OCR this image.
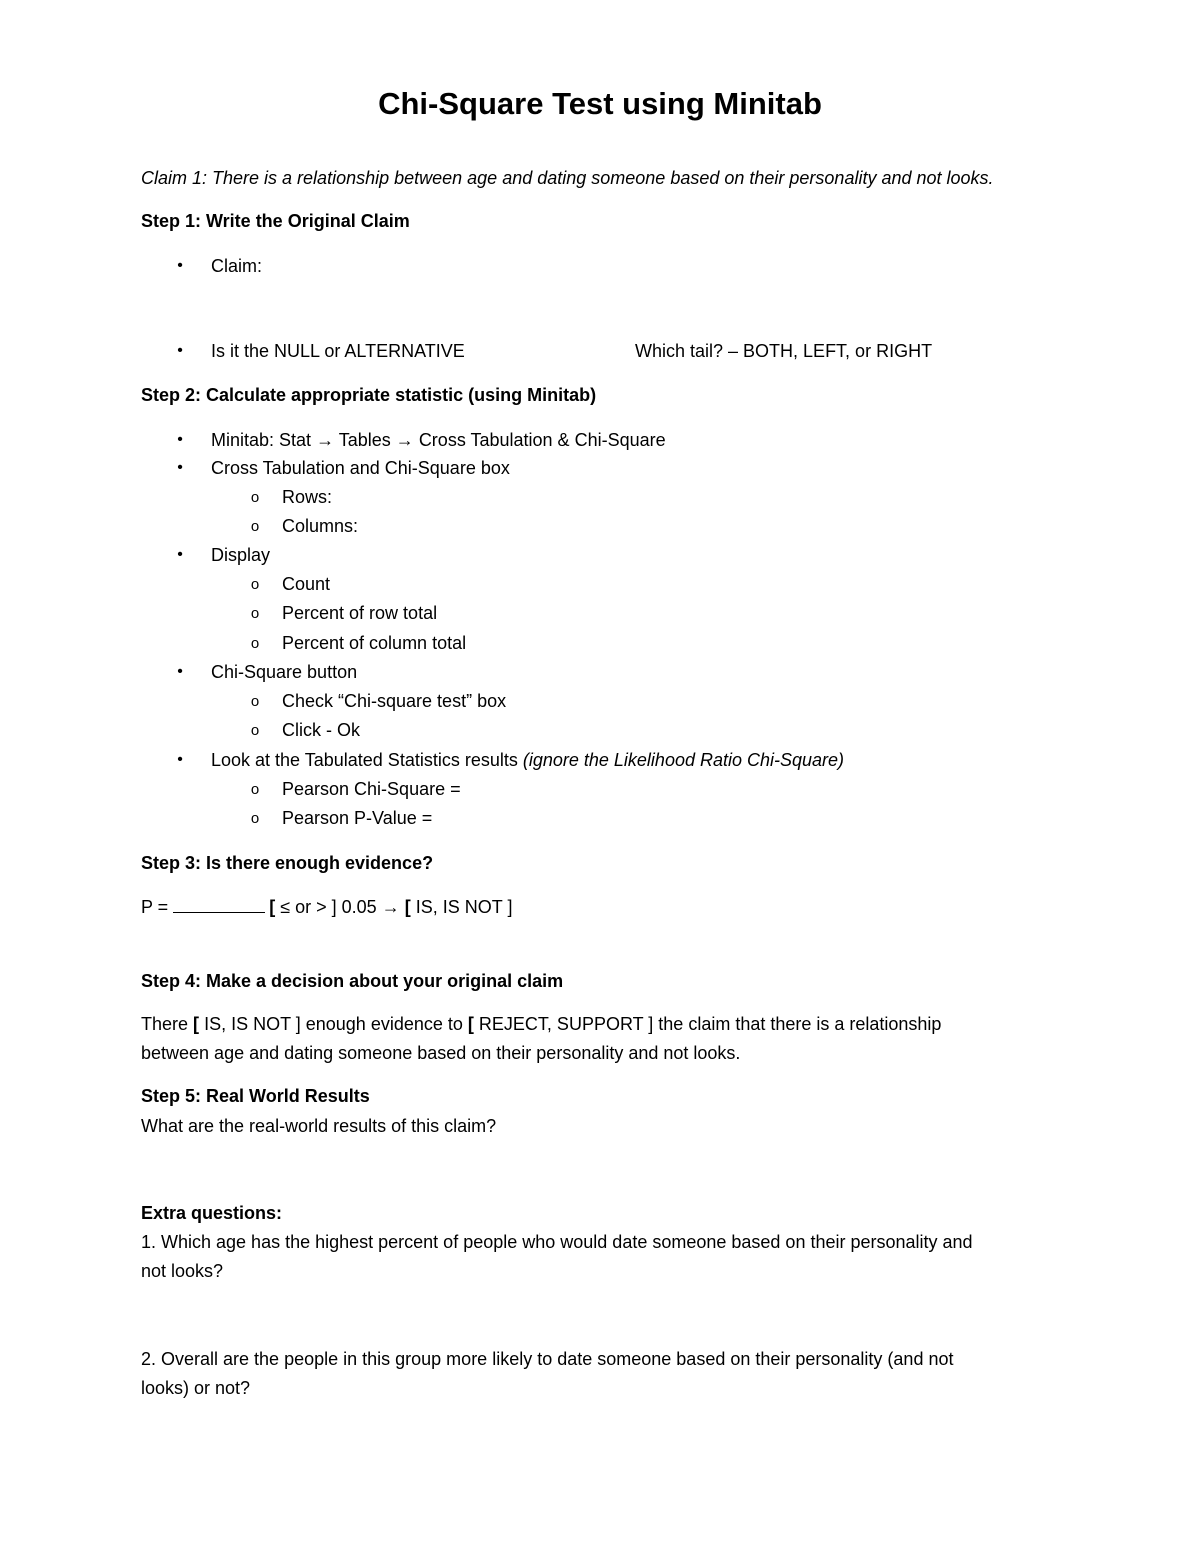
Chi-Square Test using Minitab
Claim 1: There is a relationship between age and dating someone based on their personality and not looks.
Step 1: Write the Original Claim
•	Claim:
•	Is it the NULL or ALTERNATIVE	Which tail? – BOTH, LEFT, or RIGHT
Step 2: Calculate appropriate statistic (using Minitab)
•	Minitab: Stat → Tables → Cross Tabulation & Chi-Square
•	Cross Tabulation and Chi-Square box
o Rows:
o Columns:
•	Display
o Count
o Percent of row total
o Percent of column total
•	Chi-Square button
o Check “Chi-square test” box
o Click - Ok
•	Look at the Tabulated Statistics results (ignore the Likelihood Ratio Chi-Square)
o Pearson Chi-Square =
o Pearson P-Value =
Step 3: Is there enough evidence?
P =	[ ≤ or > ] 0.05 → [ IS, IS NOT ]
Step 4: Make a decision about your original claim
There [ IS, IS NOT ] enough evidence to [ REJECT, SUPPORT ] the claim that there is a relationship
between age and dating someone based on their personality and not looks.
Step 5: Real World Results
What are the real-world results of this claim?
Extra questions:
1. Which age has the highest percent of people who would date someone based on their personality and
not looks?
2. Overall are the people in this group more likely to date someone based on their personality (and not
looks) or not?
